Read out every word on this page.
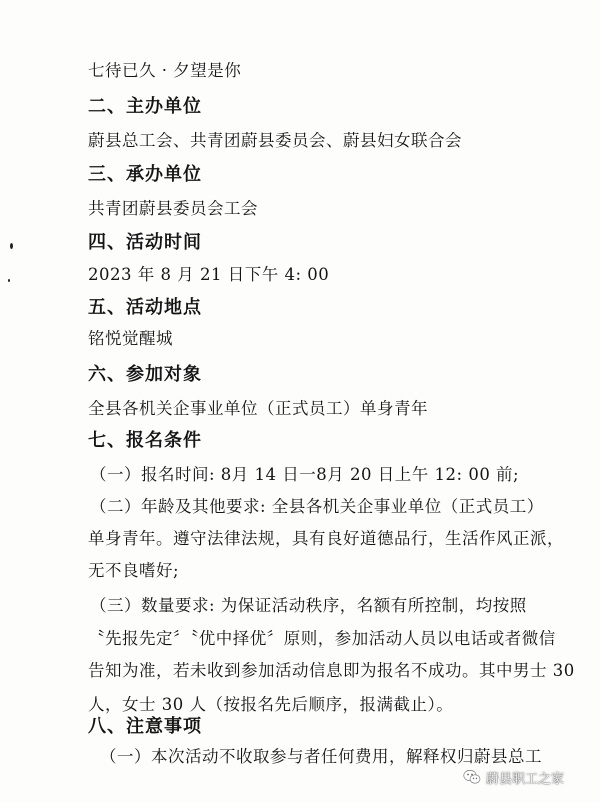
七待已久 · 夕望是你
二、主办单位
蔚县总工会、共青团蔚县委员会、蔚县妇女联合会
三、承办单位
共青团蔚县委员会工会
四、活动时间
2023 年 8 月 21 日下午 4: 00
五、活动地点
铭悦觉醒城
六、参加对象
全县各机关企事业单位（正式员工）单身青年
七、报名条件
（一）报名时间: 8月 14 日一8月 20 日上午 12: 00 前;
（二）年龄及其他要求: 全县各机关企事业单位（正式员工）
单身青年。遵守法律法规，具有良好道德品行，生活作风正派，
无不良嗜好;
（三）数量要求: 为保证活动秩序，名额有所控制，均按照
〝先报先定〞〝优中择优〞原则，参加活动人员以电话或者微信
告知为准，若未收到参加活动信息即为报名不成功。其中男士 30
人，女士 30 人（按报名先后顺序，报满截止）。
八、注意事项
（一）本次活动不收取参与者任何费用，解释权归蔚县总工
蔚县职工之家
